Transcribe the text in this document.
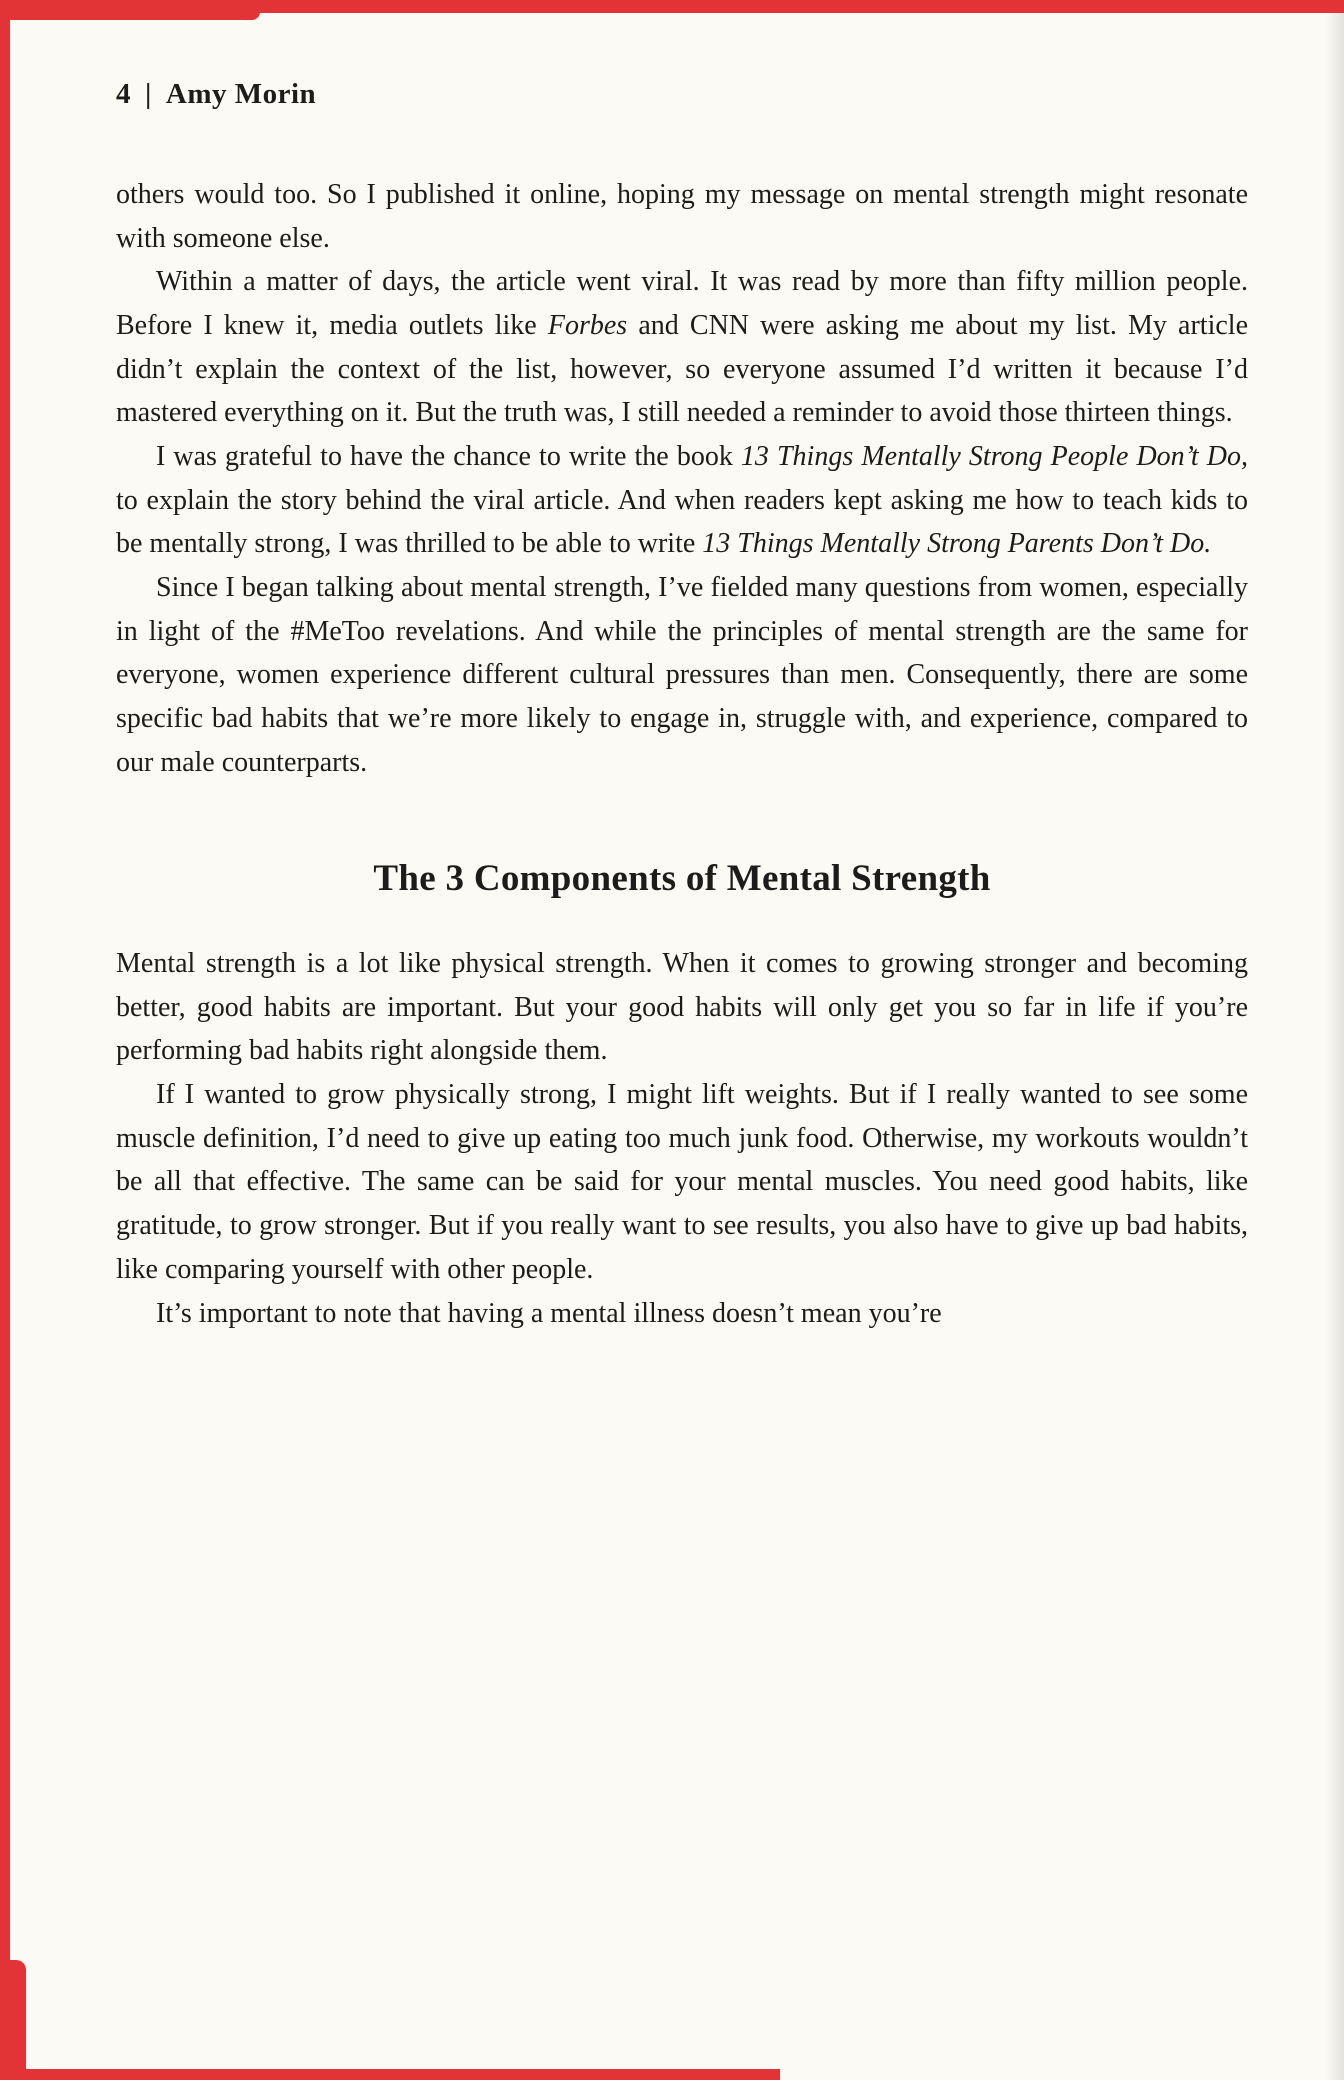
4 | Amy Morin

others would too. So I published it online, hoping my message on mental strength might resonate with someone else.

Within a matter of days, the article went viral. It was read by more than fifty million people. Before I knew it, media outlets like Forbes and CNN were asking me about my list. My article didn’t explain the context of the list, however, so everyone assumed I’d written it because I’d mastered everything on it. But the truth was, I still needed a reminder to avoid those thirteen things.

I was grateful to have the chance to write the book 13 Things Mentally Strong People Don’t Do, to explain the story behind the viral article. And when readers kept asking me how to teach kids to be mentally strong, I was thrilled to be able to write 13 Things Mentally Strong Parents Don’t Do.

Since I began talking about mental strength, I’ve fielded many questions from women, especially in light of the #MeToo revelations. And while the principles of mental strength are the same for everyone, women experience different cultural pressures than men. Consequently, there are some specific bad habits that we’re more likely to engage in, struggle with, and experience, compared to our male counterparts.

The 3 Components of Mental Strength

Mental strength is a lot like physical strength. When it comes to growing stronger and becoming better, good habits are important. But your good habits will only get you so far in life if you’re performing bad habits right alongside them.

If I wanted to grow physically strong, I might lift weights. But if I really wanted to see some muscle definition, I’d need to give up eating too much junk food. Otherwise, my workouts wouldn’t be all that effective. The same can be said for your mental muscles. You need good habits, like gratitude, to grow stronger. But if you really want to see results, you also have to give up bad habits, like comparing yourself with other people.

It’s important to note that having a mental illness doesn’t mean you’re
